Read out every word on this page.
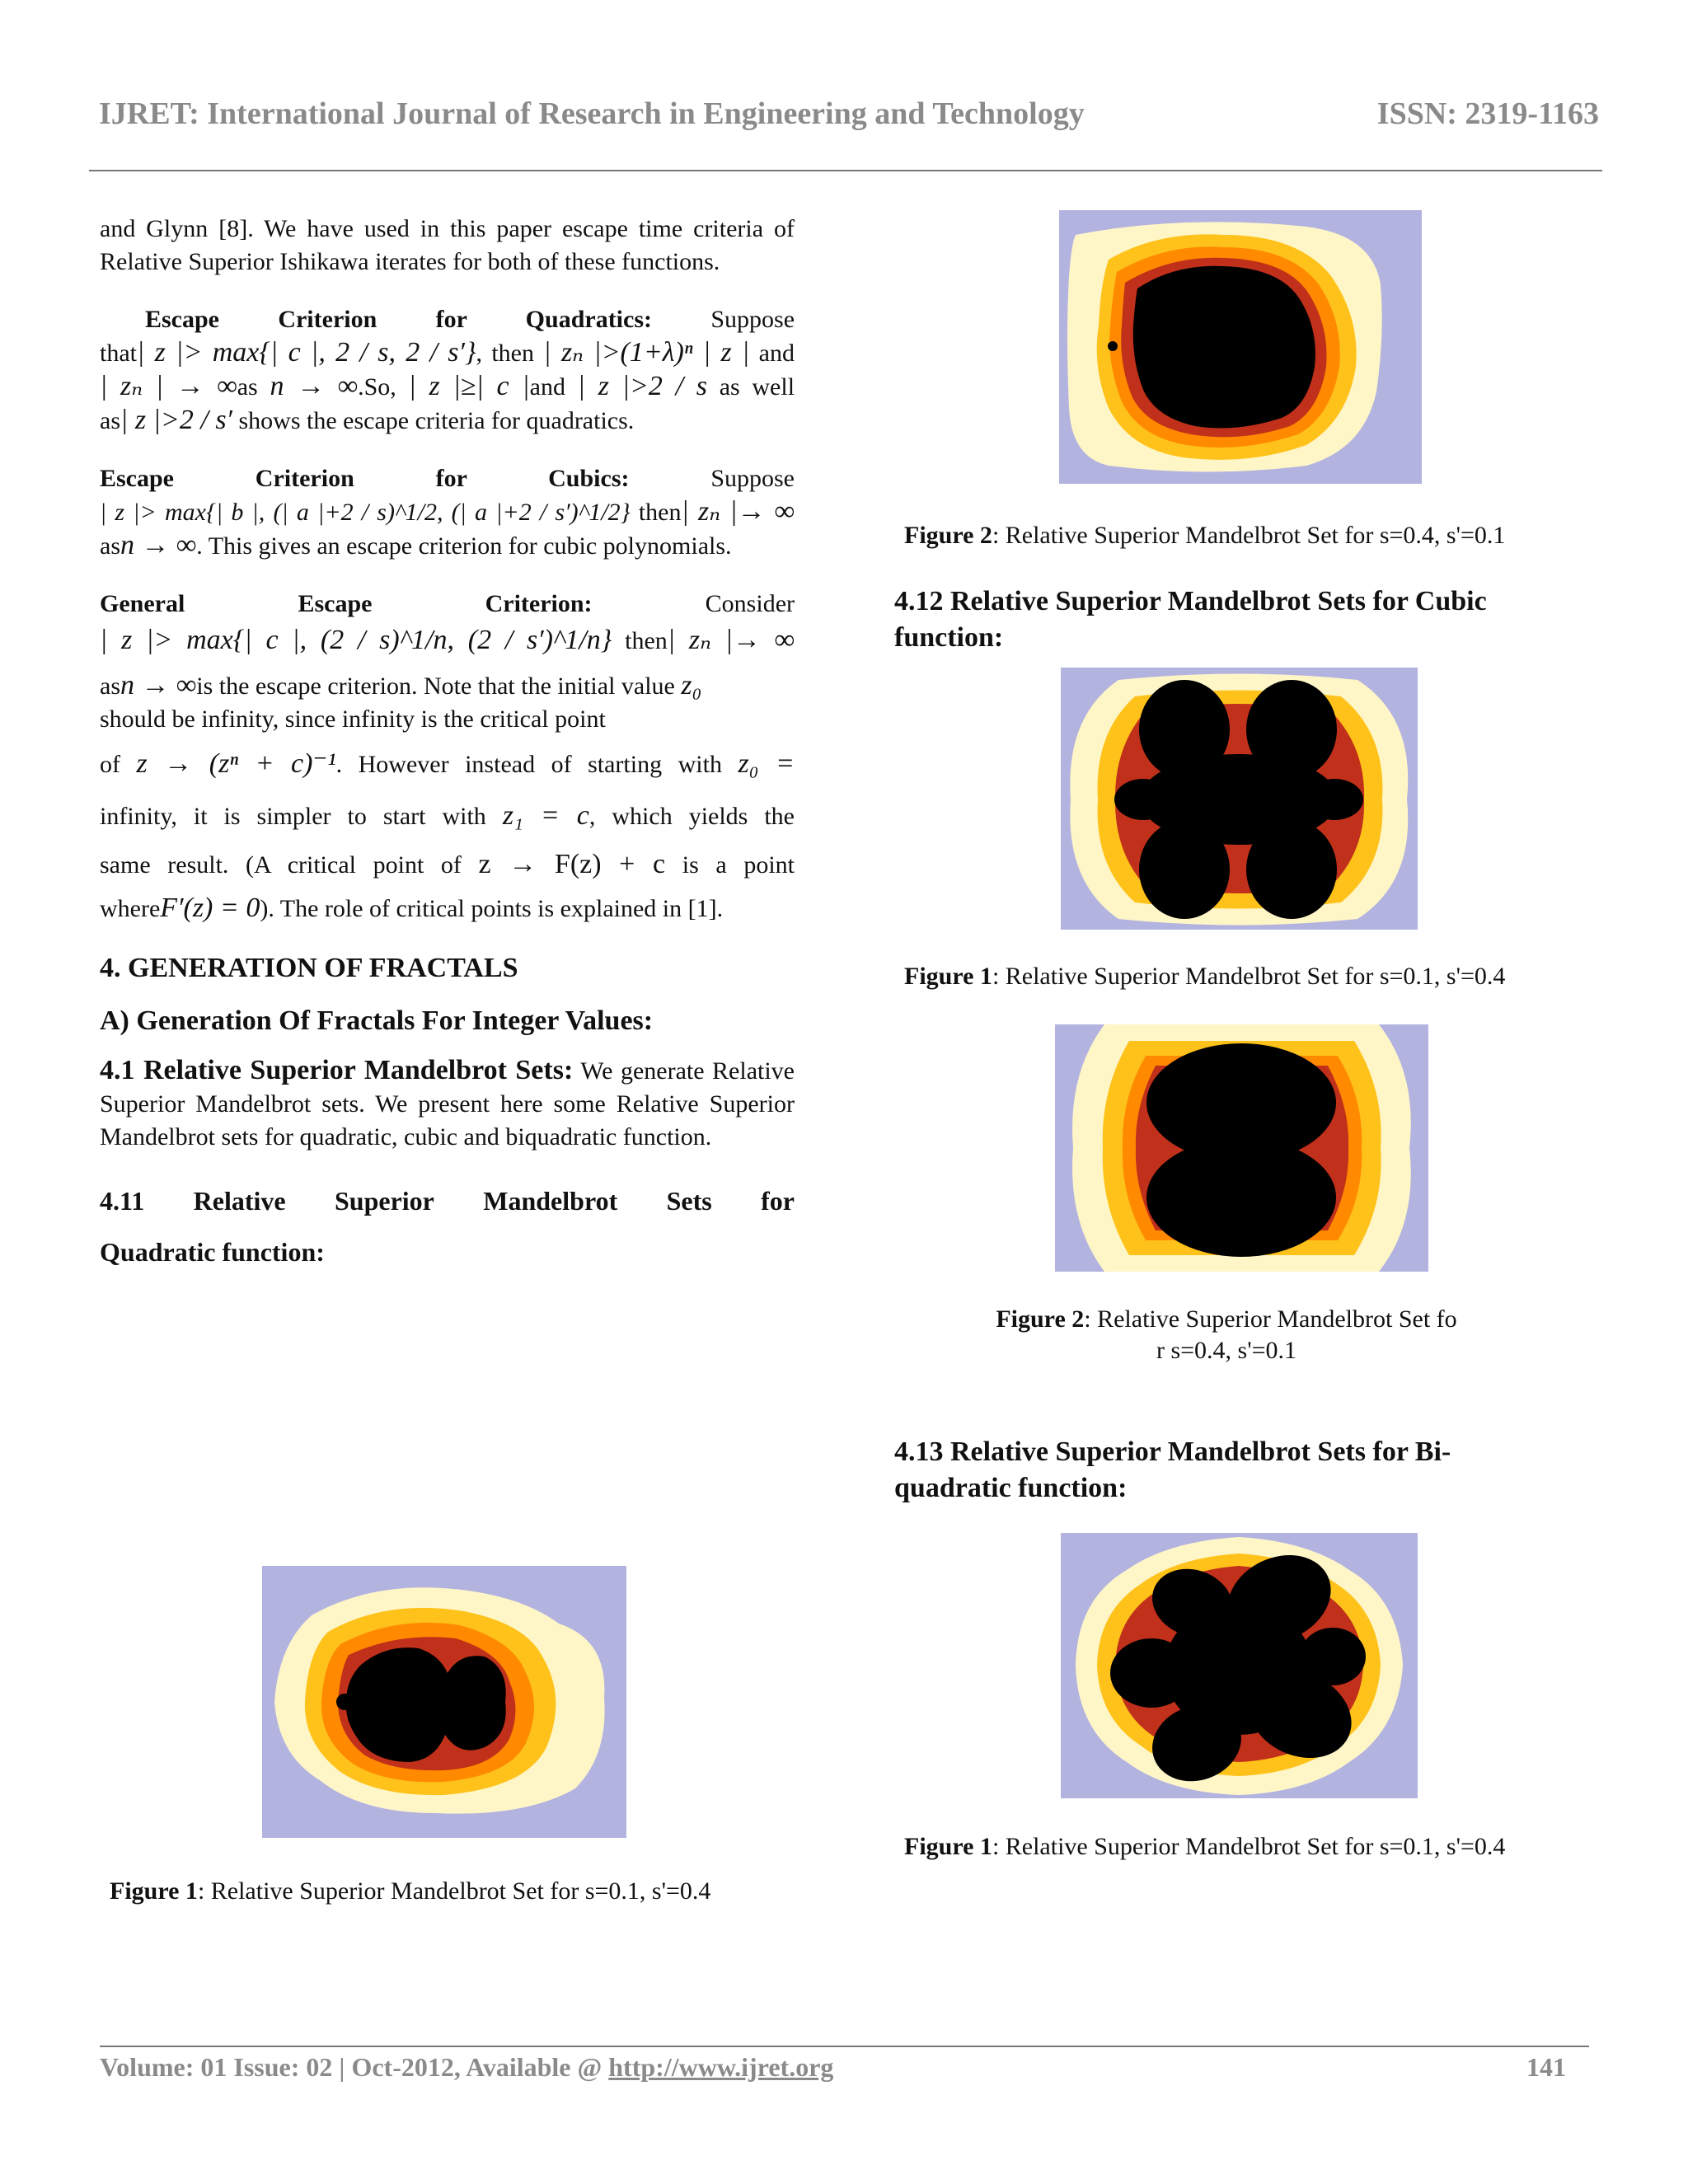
IJRET: International Journal of Research in Engineering and Technology	ISSN: 2319-1163

and Glynn [8]. We have used in this paper escape time criteria of Relative Superior Ishikawa iterates for both of these functions.

Escape Criterion for Quadratics: Suppose

that| z |> max{| c |, 2 / s, 2 / s′}, then | zₙ |>(1+λ)ⁿ | z | and

| zₙ | → ∞as n → ∞.So, | z |≥| c |and | z |>2 / s as well

as| z |>2 / s′ shows the escape criteria for quadratics.

Escape Criterion for Cubics:	Suppose

| z |> max{| b |, (| a |+2 / s)^1/2, (| a |+2 / s′)^1/2} then| zₙ |→ ∞

asn → ∞. This gives an escape criterion for cubic polynomials.

General Escape Criterion:	Consider

| z |> max{| c |, (2 / s)^1/n, (2 / s′)^1/n} then| zₙ |→ ∞

asn → ∞is the escape criterion. Note that the initial value z₀

should be infinity, since infinity is the critical point

of z → (zⁿ + c)⁻¹. However instead of starting with z₀ =

infinity, it is simpler to start with z₁ = c, which yields the

same result. (A critical point of z → F(z) + c is a point

whereF′(z) = 0). The role of critical points is explained in [1].

4. GENERATION OF FRACTALS
A) Generation Of Fractals For Integer Values:

4.1 Relative Superior Mandelbrot Sets: We generate Relative Superior Mandelbrot sets. We present here some Relative Superior Mandelbrot sets for quadratic, cubic and biquadratic function.

4.11 Relative Superior Mandelbrot Sets for
Quadratic function:
Figure 1: Relative Superior Mandelbrot Set for s=0.1, s'=0.4
Figure 2: Relative Superior Mandelbrot Set for s=0.4, s'=0.1
4.12 Relative Superior Mandelbrot Sets for Cubic function:
Figure 1: Relative Superior Mandelbrot Set for s=0.1, s'=0.4
Figure 2: Relative Superior Mandelbrot Set fo
r s=0.4, s'=0.1
4.13 Relative Superior Mandelbrot Sets for Bi-
quadratic function:
Figure 1: Relative Superior Mandelbrot Set for s=0.1, s'=0.4
Volume: 01 Issue: 02 | Oct-2012, Available @ http://www.ijret.org	141
